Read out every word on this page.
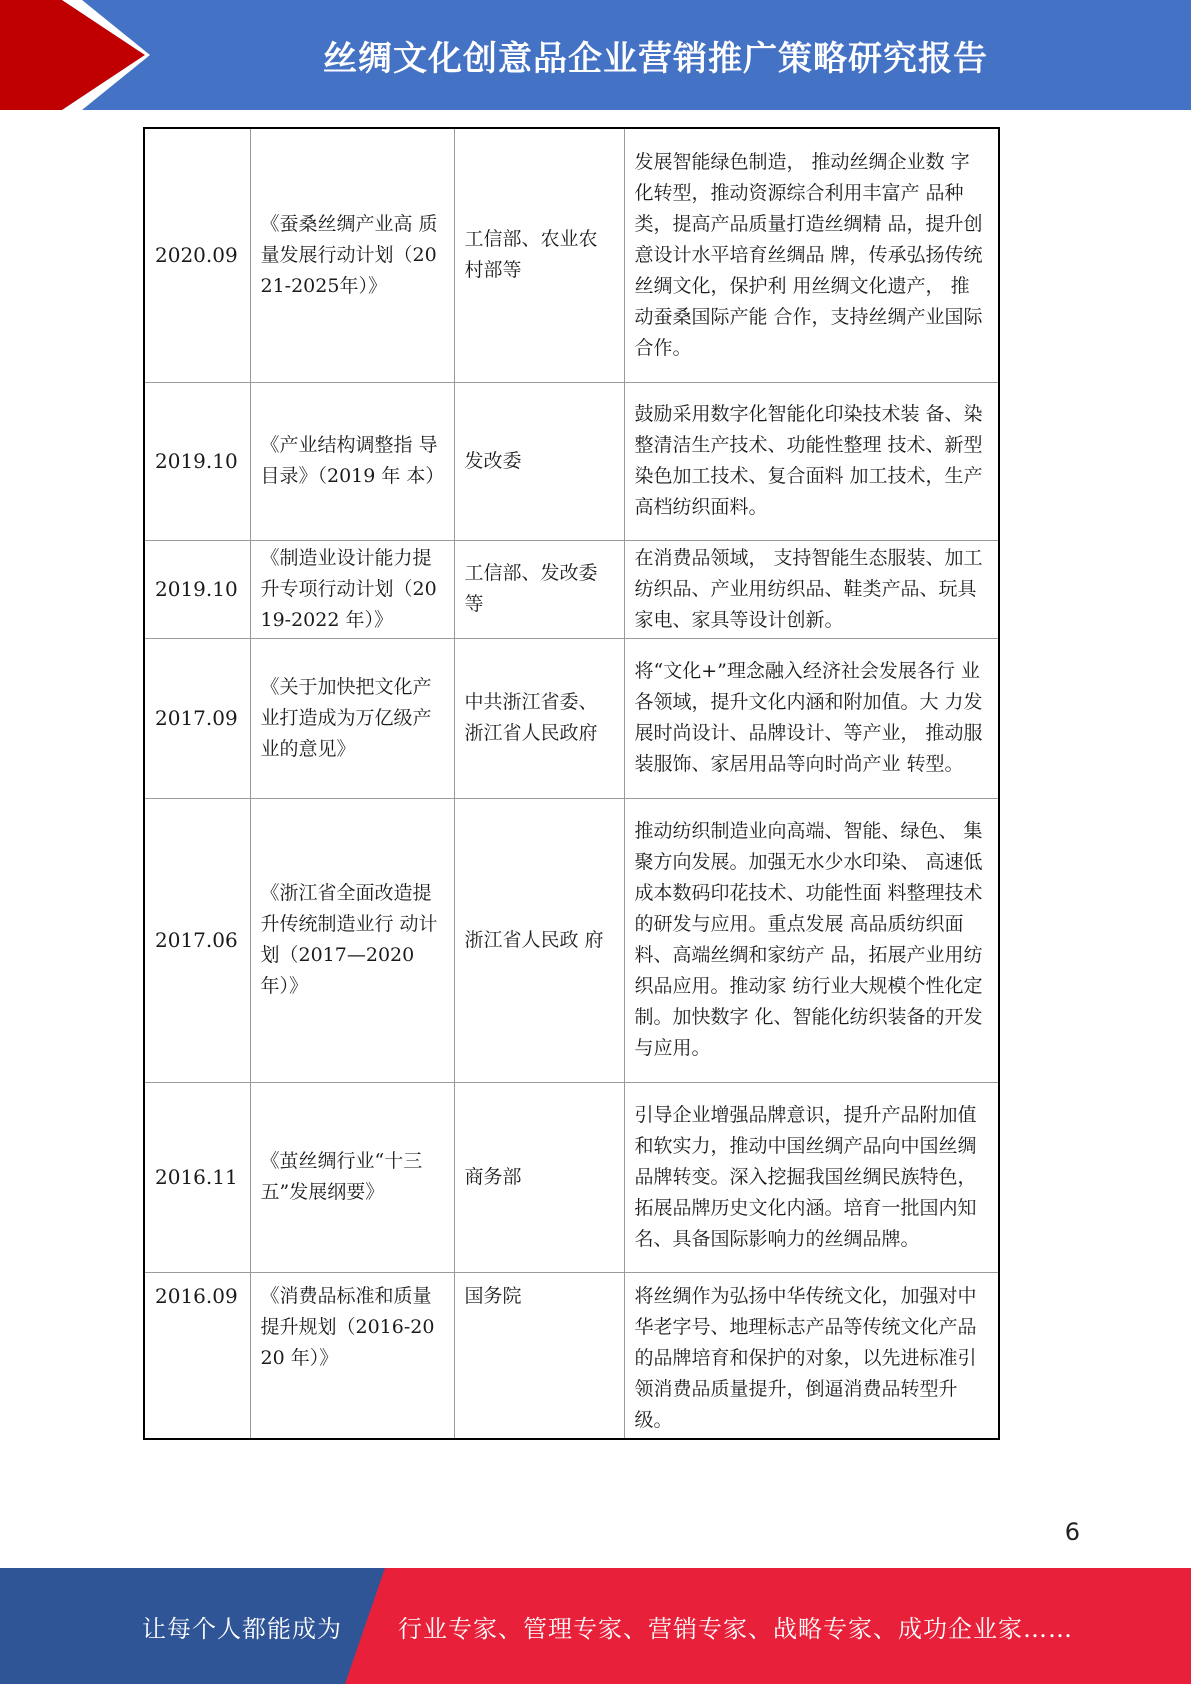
丝绸文化创意品企业营销推广策略研究报告
2020.09	《蚕桑丝绸产业高 质量发展行动计划（2021-2025年）》	工信部、农业农村部等	发展智能绿色制造， 推动丝绸企业数 字化转型，推动资源综合利用丰富产 品种类，提高产品质量打造丝绸精 品，提升创意设计水平培育丝绸品 牌，传承弘扬传统丝绸文化，保护利 用丝绸文化遗产， 推动蚕桑国际产能 合作，支持丝绸产业国际合作。
2019.10	《产业结构调整指 导目录》（2019 年 本）	发改委	鼓励采用数字化智能化印染技术装 备、染整清洁生产技术、功能性整理 技术、新型染色加工技术、复合面料 加工技术，生产高档纺织面料。
2019.10	《制造业设计能力提升专项行动计划（2019-2022 年）》	工信部、发改委等	在消费品领域， 支持智能生态服装、加工纺织品、产业用纺织品、鞋类产品、玩具家电、家具等设计创新。
2017.09	《关于加快把文化产业打造成为万亿级产业的意见》	中共浙江省委、浙江省人民政府	将“文化+”理念融入经济社会发展各行 业各领域，提升文化内涵和附加值。大 力发展时尚设计、品牌设计、等产业， 推动服装服饰、家居用品等向时尚产业 转型。
2017.06	《浙江省全面改造提升传统制造业行 动计划（2017—2020 年）》	浙江省人民政 府	推动纺织制造业向高端、智能、绿色、 集聚方向发展。加强无水少水印染、 高速低成本数码印花技术、功能性面 料整理技术的研发与应用。重点发展 高品质纺织面料、高端丝绸和家纺产 品，拓展产业用纺织品应用。推动家 纺行业大规模个性化定制。加快数字 化、智能化纺织装备的开发与应用。
2016.11	《茧丝绸行业“十三五”发展纲要》	商务部	引导企业增强品牌意识，提升产品附加值和软实力，推动中国丝绸产品向中国丝绸品牌转变。深入挖掘我国丝绸民族特色，拓展品牌历史文化内涵。培育一批国内知名、具备国际影响力的丝绸品牌。
2016.09	《消费品标准和质量提升规划（2016-2020 年）》	国务院	将丝绸作为弘扬中华传统文化，加强对中华老字号、地理标志产品等传统文化产品的品牌培育和保护的对象，以先进标准引领消费品质量提升，倒逼消费品转型升级。
6
让每个人都能成为 行业专家、管理专家、营销专家、战略专家、成功企业家……
